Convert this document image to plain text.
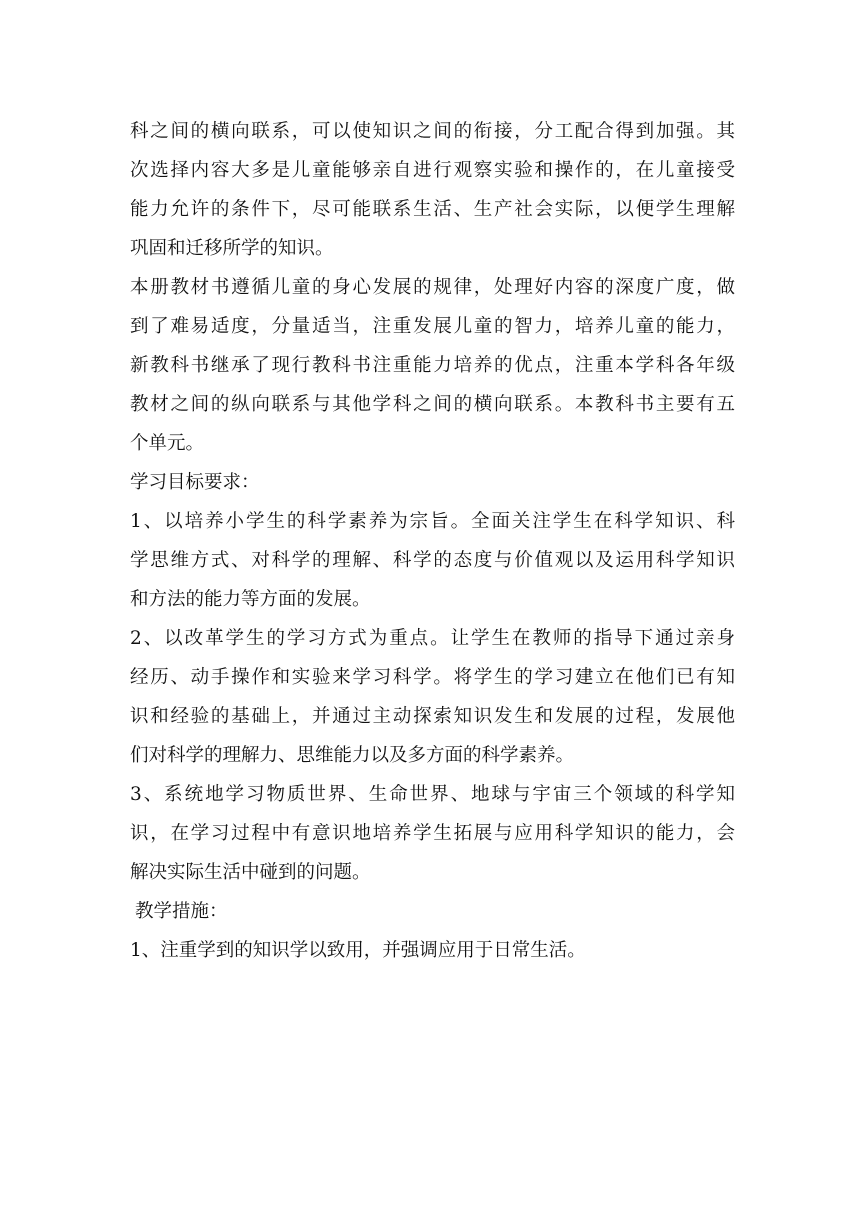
科之间的横向联系，可以使知识之间的衔接，分工配合得到加强。其
次选择内容大多是儿童能够亲自进行观察实验和操作的，在儿童接受
能力允许的条件下，尽可能联系生活、生产社会实际，以便学生理解
巩固和迁移所学的知识。
本册教材书遵循儿童的身心发展的规律，处理好内容的深度广度，做
到了难易适度，分量适当，注重发展儿童的智力，培养儿童的能力，
新教科书继承了现行教科书注重能力培养的优点，注重本学科各年级
教材之间的纵向联系与其他学科之间的横向联系。本教科书主要有五
个单元。
学习目标要求：
1、以培养小学生的科学素养为宗旨。全面关注学生在科学知识、科
学思维方式、对科学的理解、科学的态度与价值观以及运用科学知识
和方法的能力等方面的发展。
2、以改革学生的学习方式为重点。让学生在教师的指导下通过亲身
经历、动手操作和实验来学习科学。将学生的学习建立在他们已有知
识和经验的基础上，并通过主动探索知识发生和发展的过程，发展他
们对科学的理解力、思维能力以及多方面的科学素养。
3、系统地学习物质世界、生命世界、地球与宇宙三个领域的科学知
识，在学习过程中有意识地培养学生拓展与应用科学知识的能力，会
解决实际生活中碰到的问题。
教学措施：
1、注重学到的知识学以致用，并强调应用于日常生活。
